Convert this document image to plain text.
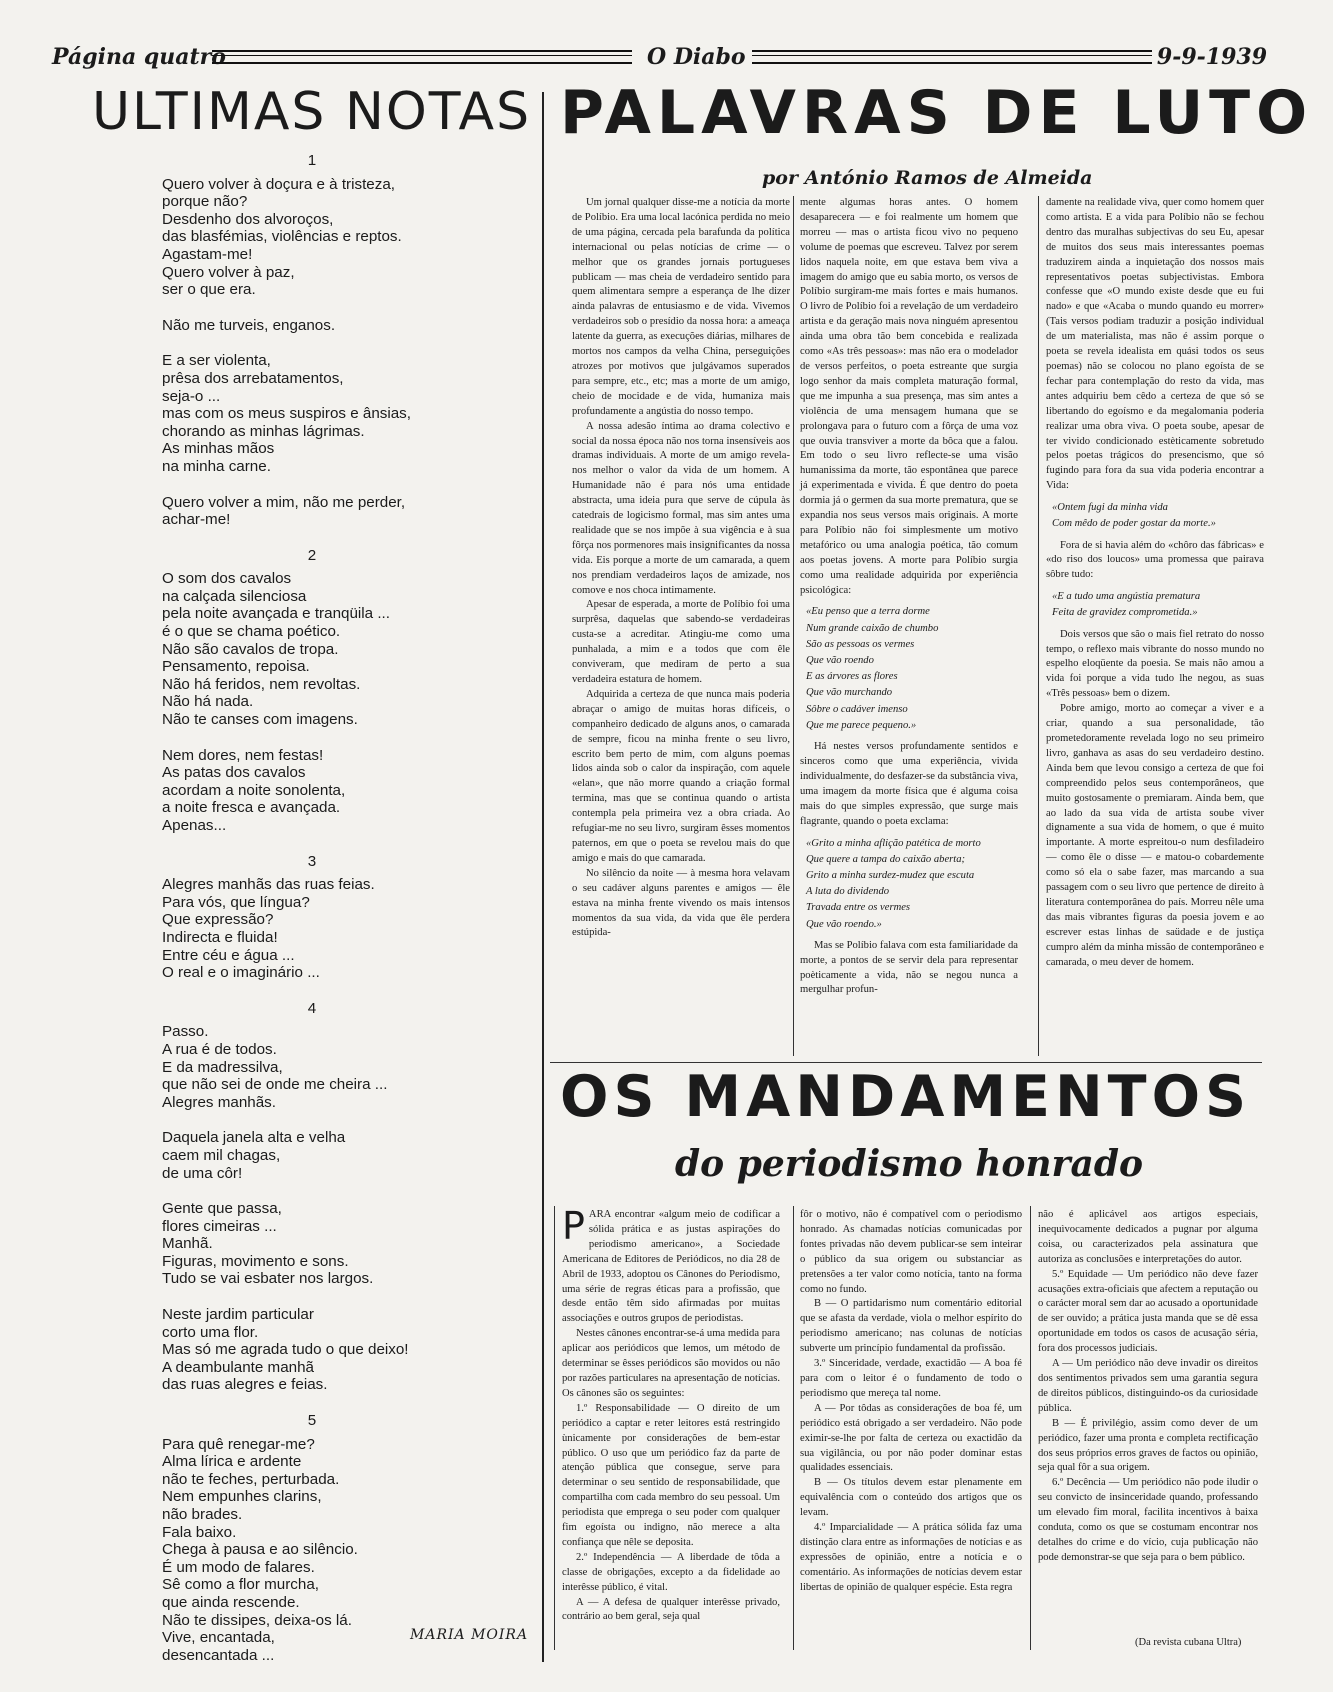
Página quatro	O Diabo	9-9-1939
ULTIMAS NOTAS
1
Quero volver à doçura e à tristeza,
porque não?
Desdenho dos alvoroços,
das blasfémias, violências e reptos.
Agastam-me!
Quero volver à paz,
ser o que era.
Não me turveis, enganos.
E a ser violenta,
prêsa dos arrebatamentos,
seja-o ...
mas com os meus suspiros e ânsias,
chorando as minhas lágrimas.
As minhas mãos
na minha carne.
Quero volver a mim, não me perder,
achar-me!
2
O som dos cavalos
na calçada silenciosa
pela noite avançada e tranqüila ...
é o que se chama poético.
Não são cavalos de tropa.
Pensamento, repoisa.
Não há feridos, nem revoltas.
Não há nada.
Não te canses com imagens.
Nem dores, nem festas!
As patas dos cavalos
acordam a noite sonolenta,
a noite fresca e avançada.
Apenas...
3
Alegres manhãs das ruas feias.
Para vós, que língua?
Que expressão?
Indirecta e fluida!
Entre céu e água ...
O real e o imaginário ...
4
Passo.
A rua é de todos.
E da madressilva,
que não sei de onde me cheira ...
Alegres manhãs.
Daquela janela alta e velha
caem mil chagas,
de uma côr!
Gente que passa,
flores cimeiras ...
Manhã.
Figuras, movimento e sons.
Tudo se vai esbater nos largos.
Neste jardim particular
corto uma flor.
Mas só me agrada tudo o que deixo!
A deambulante manhã
das ruas alegres e feias.
5
Para quê renegar-me?
Alma lírica e ardente
não te feches, perturbada.
Nem empunhes clarins,
não brades.
Fala baixo.
Chega à pausa e ao silêncio.
É um modo de falares.
Sê como a flor murcha,
que ainda rescende.
Não te dissipes, deixa-os lá.
Vive, encantada,
desencantada ...
MARIA MOIRA
PALAVRAS DE LUTO
por António Ramos de Almeida

Um jornal qualquer disse-me a notícia da morte de Políbio. Era uma local lacónica perdida no meio de uma página, cercada pela barafunda da política internacional ou pelas notícias de crime — o melhor que os grandes jornais portugueses publicam — mas cheia de verdadeiro sentido para quem alimentara sempre a esperança de lhe dizer ainda palavras de entusiasmo e de vida. Vivemos verdadeiros sob o presídio da nossa hora: a ameaça latente da guerra, as execuções diárias, milhares de mortos nos campos da velha China, perseguições atrozes por motivos que julgávamos superados para sempre, etc., etc; mas a morte de um amigo, cheio de mocidade e de vida, humaniza mais profundamente a angústia do nosso tempo.

A nossa adesão íntima ao drama colectivo e social da nossa época não nos torna insensíveis aos dramas individuais. A morte de um amigo revela-nos melhor o valor da vida de um homem. A Humanidade não é para nós uma entidade abstracta, uma ideia pura que serve de cúpula às catedrais de logicismo formal, mas sim antes uma realidade que se nos impõe à sua vigência e à sua fôrça nos pormenores mais insignificantes da nossa vida. Eis porque a morte de um camarada, a quem nos prendiam verdadeiros laços de amizade, nos comove e nos choca intimamente.

Apesar de esperada, a morte de Políbio foi uma surprêsa, daquelas que sabendo-se verdadeiras custa-se a acreditar. Atingiu-me como uma punhalada, a mim e a todos que com êle conviveram, que mediram de perto a sua verdadeira estatura de homem.

Adquirida a certeza de que nunca mais poderia abraçar o amigo de muitas horas difíceis, o companheiro dedicado de alguns anos, o camarada de sempre, ficou na minha frente o seu livro, escrito bem perto de mim, com alguns poemas lidos ainda sob o calor da inspiração, com aquele «elan», que não morre quando a criação formal termina, mas que se continua quando o artista contempla pela primeira vez a obra criada. Ao refugiar-me no seu livro, surgiram êsses momentos paternos, em que o poeta se revelou mais do que amigo e mais do que camarada.

No silêncio da noite — à mesma hora velavam o seu cadáver alguns parentes e amigos — êle estava na minha frente vivendo os mais intensos momentos da sua vida, da vida que êle perdera estúpida-

mente algumas horas antes. O homem desaparecera — e foi realmente um homem que morreu — mas o artista ficou vivo no pequeno volume de poemas que escreveu. Talvez por serem lidos naquela noite, em que estava bem viva a imagem do amigo que eu sabia morto, os versos de Políbio surgiram-me mais fortes e mais humanos. O livro de Políbio foi a revelação de um verdadeiro artista e da geração mais nova ninguém apresentou ainda uma obra tão bem concebida e realizada como «As três pessoas»: mas não era o modelador de versos perfeitos, o poeta estreante que surgia logo senhor da mais completa maturação formal, que me impunha a sua presença, mas sim antes a violência de uma mensagem humana que se prolongava para o futuro com a fôrça de uma voz que ouvia transviver a morte da bôca que a falou. Em todo o seu livro reflecte-se uma visão humanissima da morte, tão espontânea que parece já experimentada e vivida. É que dentro do poeta dormia já o germen da sua morte prematura, que se expandia nos seus versos mais originais. A morte para Políbio não foi simplesmente um motivo metafórico ou uma analogia poética, tão comum aos poetas jovens. A morte para Políbio surgia como uma realidade adquirida por experiência psicológica:

«Eu penso que a terra dorme
Num grande caixão de chumbo
São as pessoas os vermes
Que vão roendo
E as árvores as flores
Que vão murchando
Sôbre o cadáver imenso
Que me parece pequeno.»

Há nestes versos profundamente sentidos e sinceros como que uma experiência, vivida individualmente, do desfazer-se da substância viva, uma imagem da morte física que é alguma coisa mais do que simples expressão, que surge mais flagrante, quando o poeta exclama:

«Grito a minha aflição patética de morto
Que quere a tampa do caixão aberta;
Grito a minha surdez-mudez que escuta
A luta do dividendo
Travada entre os vermes
Que vão roendo.»

Mas se Políbio falava com esta familiaridade da morte, a pontos de se servir dela para representar poèticamente a vida, não se negou nunca a mergulhar profun-

damente na realidade viva, quer como homem quer como artista. E a vida para Políbio não se fechou dentro das muralhas subjectivas do seu Eu, apesar de muitos dos seus mais interessantes poemas traduzirem ainda a inquietação dos nossos mais representativos poetas subjectivistas. Embora confesse que «O mundo existe desde que eu fui nado» e que «Acaba o mundo quando eu morrer» (Tais versos podiam traduzir a posição individual de um materialista, mas não é assim porque o poeta se revela idealista em quási todos os seus poemas) não se colocou no plano egoísta de se fechar para contemplação do resto da vida, mas antes adquiriu bem cêdo a certeza de que só se libertando do egoísmo e da megalomania poderia realizar uma obra viva. O poeta soube, apesar de ter vivido condicionado estèticamente sobretudo pelos poetas trágicos do presencismo, que só fugindo para fora da sua vida poderia encontrar a Vida:

«Ontem fugi da minha vida
Com mêdo de poder gostar da morte.»

Fora de si havia além do «chôro das fábricas» e «do riso dos loucos» uma promessa que pairava sôbre tudo:

«E a tudo uma angústia prematura
Feita de gravidez comprometida.»

Dois versos que são o mais fiel retrato do nosso tempo, o reflexo mais vibrante do nosso mundo no espelho eloqüente da poesia. Se mais não amou a vida foi porque a vida tudo lhe negou, as suas «Três pessoas» bem o dizem.

Pobre amigo, morto ao começar a viver e a criar, quando a sua personalidade, tão prometedoramente revelada logo no seu primeiro livro, ganhava as asas do seu verdadeiro destino. Ainda bem que levou consigo a certeza de que foi compreendido pelos seus contemporâneos, que muito gostosamente o premiaram. Ainda bem, que ao lado da sua vida de artista soube viver dignamente a sua vida de homem, o que é muito importante. A morte espreitou-o num desfiladeiro — como êle o disse — e matou-o cobardemente como só ela o sabe fazer, mas marcando a sua passagem com o seu livro que pertence de direito à literatura contemporânea do país. Morreu nêle uma das mais vibrantes figuras da poesia jovem e ao escrever estas linhas de saüdade e de justiça cumpro além da minha missão de contemporâneo e camarada, o meu dever de homem.

OS MANDAMENTOS
do periodismo honrado

PARA encontrar «algum meio de codificar a sólida prática e as justas aspirações do periodismo americano», a Sociedade Americana de Editores de Periódicos, no dia 28 de Abril de 1933, adoptou os Cânones do Periodismo, uma série de regras éticas para a profissão, que desde então têm sido afirmadas por muitas associações e outros grupos de periodistas.

Nestes cânones encontrar-se-á uma medida para aplicar aos periódicos que lemos, um método de determinar se êsses periódicos são movidos ou não por razões particulares na apresentação de notícias. Os cânones são os seguintes:

1.º Responsabilidade — O direito de um periódico a captar e reter leitores está restringido ùnicamente por considerações de bem-estar público. O uso que um periódico faz da parte de atenção pública que consegue, serve para determinar o seu sentido de responsabilidade, que compartilha com cada membro do seu pessoal. Um periodista que emprega o seu poder com qualquer fim egoísta ou indigno, não merece a alta confiança que nêle se deposita.

2.º Independência — A liberdade de tôda a classe de obrigações, excepto a da fidelidade ao interêsse público, é vital.

A — A defesa de qualquer interêsse privado, contrário ao bem geral, seja qual

fôr o motivo, não é compatível com o periodismo honrado. As chamadas notícias comunicadas por fontes privadas não devem publicar-se sem inteirar o público da sua origem ou substanciar as pretensões a ter valor como notícia, tanto na forma como no fundo.

B — O partidarismo num comentário editorial que se afasta da verdade, viola o melhor espírito do periodismo americano; nas colunas de notícias subverte um princípio fundamental da profissão.

3.º Sinceridade, verdade, exactidão — A boa fé para com o leitor é o fundamento de todo o periodismo que mereça tal nome.

A — Por tôdas as considerações de boa fé, um periódico está obrigado a ser verdadeiro. Não pode eximir-se-lhe por falta de certeza ou exactidão da sua vigilância, ou por não poder dominar estas qualidades essenciais.

B — Os títulos devem estar plenamente em equivalência com o conteúdo dos artigos que os levam.

4.º Imparcialidade — A prática sólida faz uma distinção clara entre as informações de notícias e as expressões de opinião, entre a notícia e o comentário. As informações de notícias devem estar libertas de opinião de qualquer espécie. Esta regra

não é aplicável aos artigos especiais, inequìvocamente dedicados a pugnar por alguma coisa, ou caracterizados pela assinatura que autoriza as conclusões e interpretações do autor.

5.º Equidade — Um periódico não deve fazer acusações extra-oficiais que afectem a reputação ou o carácter moral sem dar ao acusado a oportunidade de ser ouvido; a prática justa manda que se dê essa oportunidade em todos os casos de acusação séria, fora dos processos judiciais.

A — Um periódico não deve invadir os direitos dos sentimentos privados sem uma garantia segura de direitos públicos, distinguindo-os da curiosidade pública.

B — É privilégio, assim como dever de um periódico, fazer uma pronta e completa rectificação dos seus próprios erros graves de factos ou opinião, seja qual fôr a sua origem.

6.º Decência — Um periódico não pode iludir o seu convicto de insinceridade quando, professando um elevado fim moral, facilita incentivos à baixa conduta, como os que se costumam encontrar nos detalhes do crime e do vício, cuja publicação não pode demonstrar-se que seja para o bem público.

(Da revista cubana Ultra)
